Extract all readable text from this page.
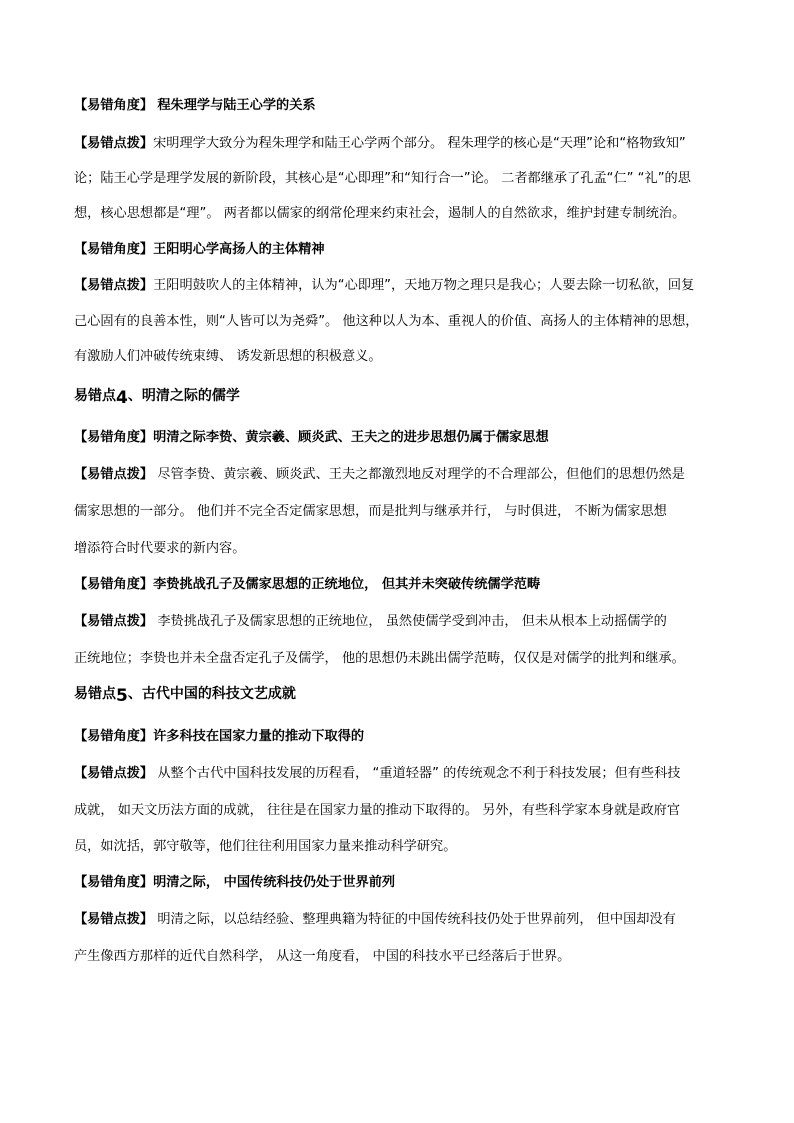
【易错角度】 程朱理学与陆王心学的关系
【易错点拨】宋明理学大致分为程朱理学和陆王心学两个部分。 程朱理学的核心是“天理”论和“格物致知”
论；陆王心学是理学发展的新阶段，其核心是“心即理”和“知行合一”论。 二者都继承了孔孟“仁” “礼”的思
想，核心思想都是“理”。 两者都以儒家的纲常伦理来约束社会，遏制人的自然欲求，维护封建专制统治。
【易错角度】王阳明心学高扬人的主体精神
【易错点拨】王阳明鼓吹人的主体精神，认为“心即理”，天地万物之理只是我心；人要去除一切私欲，回复
己心固有的良善本性，则“人皆可以为尧舜”。 他这种以人为本、重视人的价值、高扬人的主体精神的思想，
有激励人们冲破传统束缚、 诱发新思想的积极意义。
易错点4、明清之际的儒学
【易错角度】明清之际李贽、黄宗羲、顾炎武、王夫之的进步思想仍属于儒家思想
【易错点拨】 尽管李贽、黄宗羲、顾炎武、王夫之都激烈地反对理学的不合理部公，但他们的思想仍然是
儒家思想的一部分。 他们并不完全否定儒家思想，而是批判与继承并行， 与时俱进， 不断为儒家思想
增添符合时代要求的新内容。
【易错角度】李贽挑战孔子及儒家思想的正统地位， 但其并未突破传统儒学范畴
【易错点拨】 李贽挑战孔子及儒家思想的正统地位， 虽然使儒学受到冲击， 但未从根本上动摇儒学的
正统地位；李贽也并未全盘否定孔子及儒学， 他的思想仍未跳出儒学范畴，仅仅是对儒学的批判和继承。
易错点5、古代中国的科技文艺成就
【易错角度】许多科技在国家力量的推动下取得的
【易错点拨】 从整个古代中国科技发展的历程看， “重道轻器” 的传统观念不利于科技发展；但有些科技
成就， 如天文历法方面的成就， 往往是在国家力量的推动下取得的。 另外，有些科学家本身就是政府官
员，如沈括，郭守敬等，他们往往利用国家力量来推动科学研究。
【易错角度】明清之际， 中国传统科技仍处于世界前列
【易错点拨】 明清之际，以总结经验、整理典籍为特征的中国传统科技仍处于世界前列， 但中国却没有
产生像西方那样的近代自然科学， 从这一角度看， 中国的科技水平已经落后于世界。
